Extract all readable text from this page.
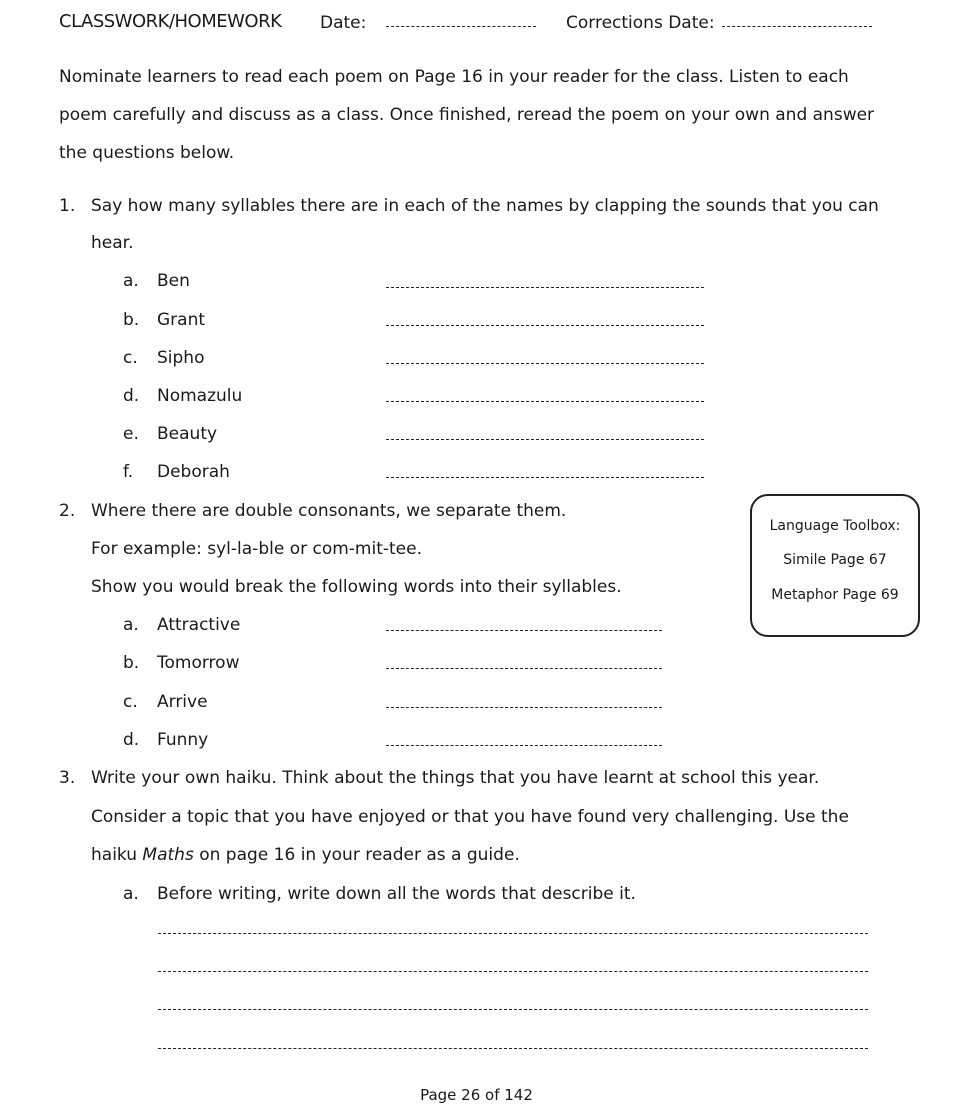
CLASSWORK/HOMEWORK Date:	Corrections Date:
Nominate learners to read each poem on Page 16 in your reader for the class. Listen to each
poem carefully and discuss as a class. Once finished, reread the poem on your own and answer
the questions below.
1. Say how many syllables there are in each of the names by clapping the sounds that you can
hear.
a. Ben
b. Grant
c. Sipho
d. Nomazulu
e. Beauty
f. Deborah
2. Where there are double consonants, we separate them.
For example: syl-la-ble or com-mit-tee.
Show you would break the following words into their syllables.
a. Attractive
b. Tomorrow
c. Arrive
d. Funny
Language Toolbox:
Simile Page 67
Metaphor Page 69
3. Write your own haiku. Think about the things that you have learnt at school this year.
Consider a topic that you have enjoyed or that you have found very challenging. Use the
haiku Maths on page 16 in your reader as a guide.
a. Before writing, write down all the words that describe it.
Page 26 of 142
